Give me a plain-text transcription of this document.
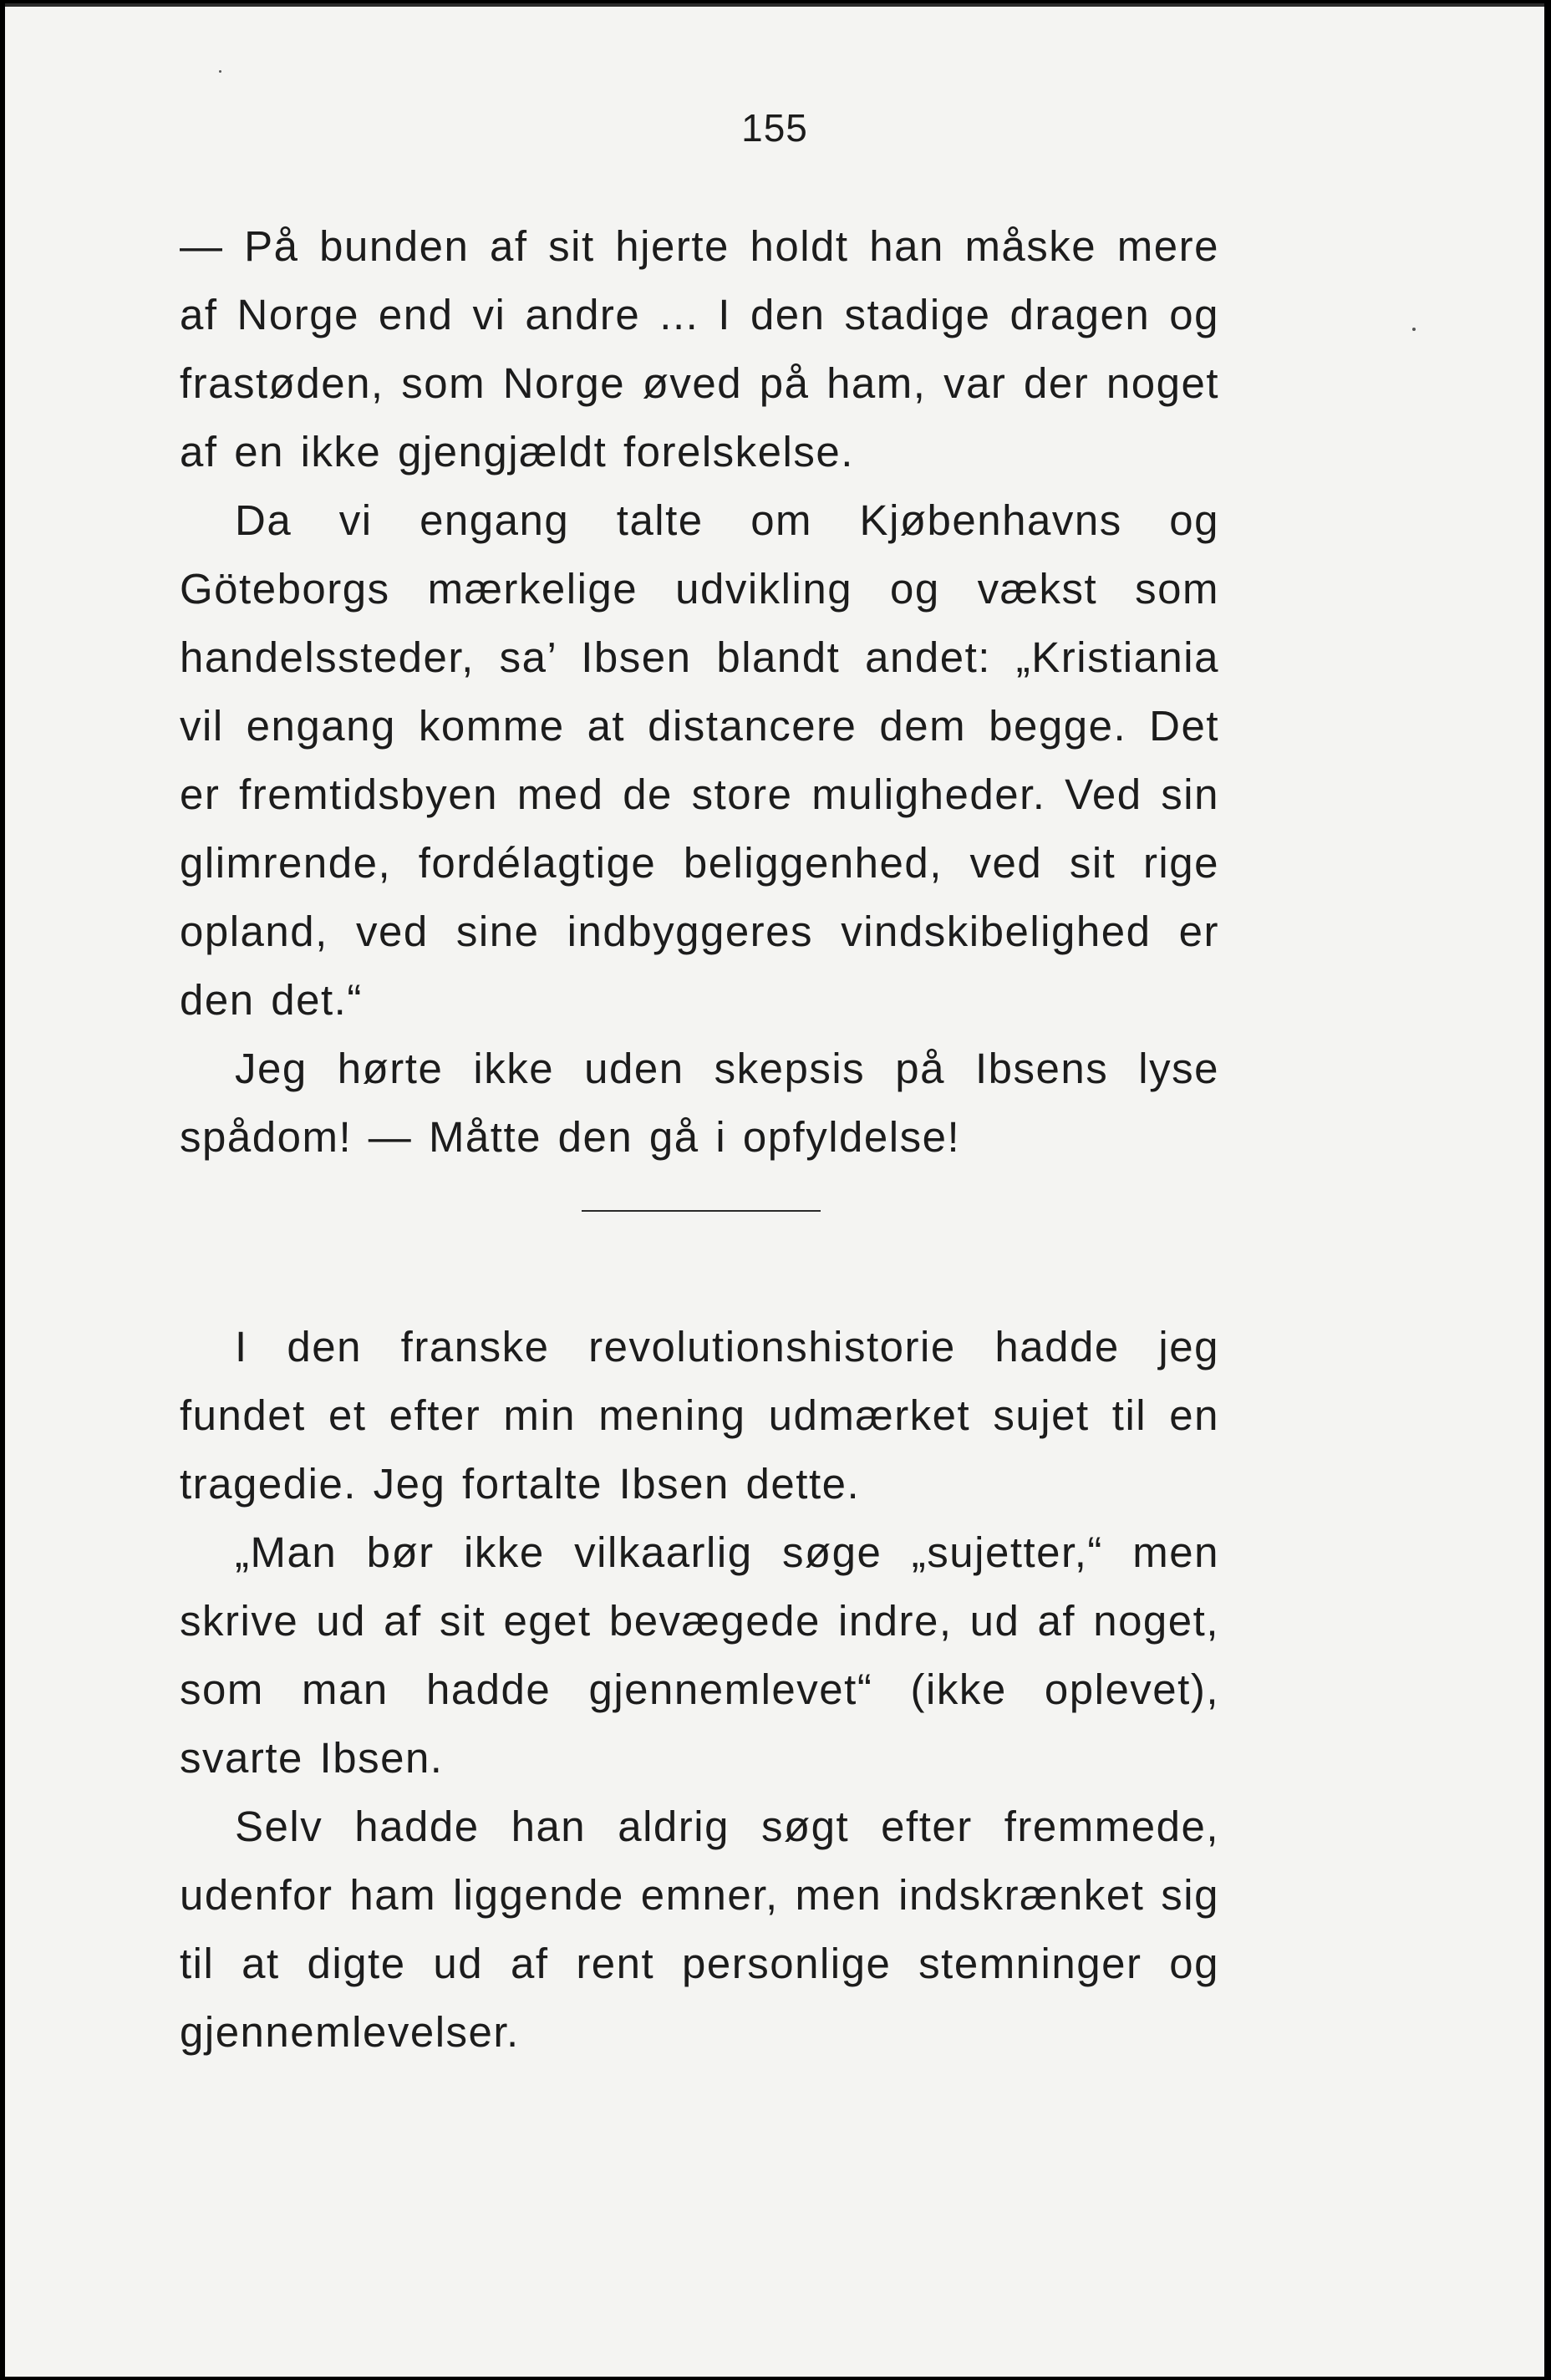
155

— På bunden af sit hjerte holdt han måske mere af Norge end vi andre ... I den stadige dragen og frastøden, som Norge øved på ham, var der noget af en ikke gjengjældt forelskelse.

Da vi engang talte om Kjøbenhavns og Göteborgs mærkelige udvikling og vækst som handelssteder, sa’ Ibsen blandt andet: „Kristiania vil engang komme at distancere dem begge. Det er fremtidsbyen med de store muligheder. Ved sin glimrende, fordélagtige beliggenhed, ved sit rige opland, ved sine indbyggeres vindskibelighed er den det.“

Jeg hørte ikke uden skepsis på Ibsens lyse spådom! — Måtte den gå i opfyldelse!

I den franske revolutionshistorie hadde jeg fundet et efter min mening udmærket sujet til en tragedie. Jeg fortalte Ibsen dette.

„Man bør ikke vilkaarlig søge „sujetter,“ men skrive ud af sit eget bevægede indre, ud af noget, som man hadde gjennemlevet“ (ikke oplevet), svarte Ibsen.

Selv hadde han aldrig søgt efter fremmede, udenfor ham liggende emner, men indskrænket sig til at digte ud af rent personlige stemninger og gjennemlevelser.
